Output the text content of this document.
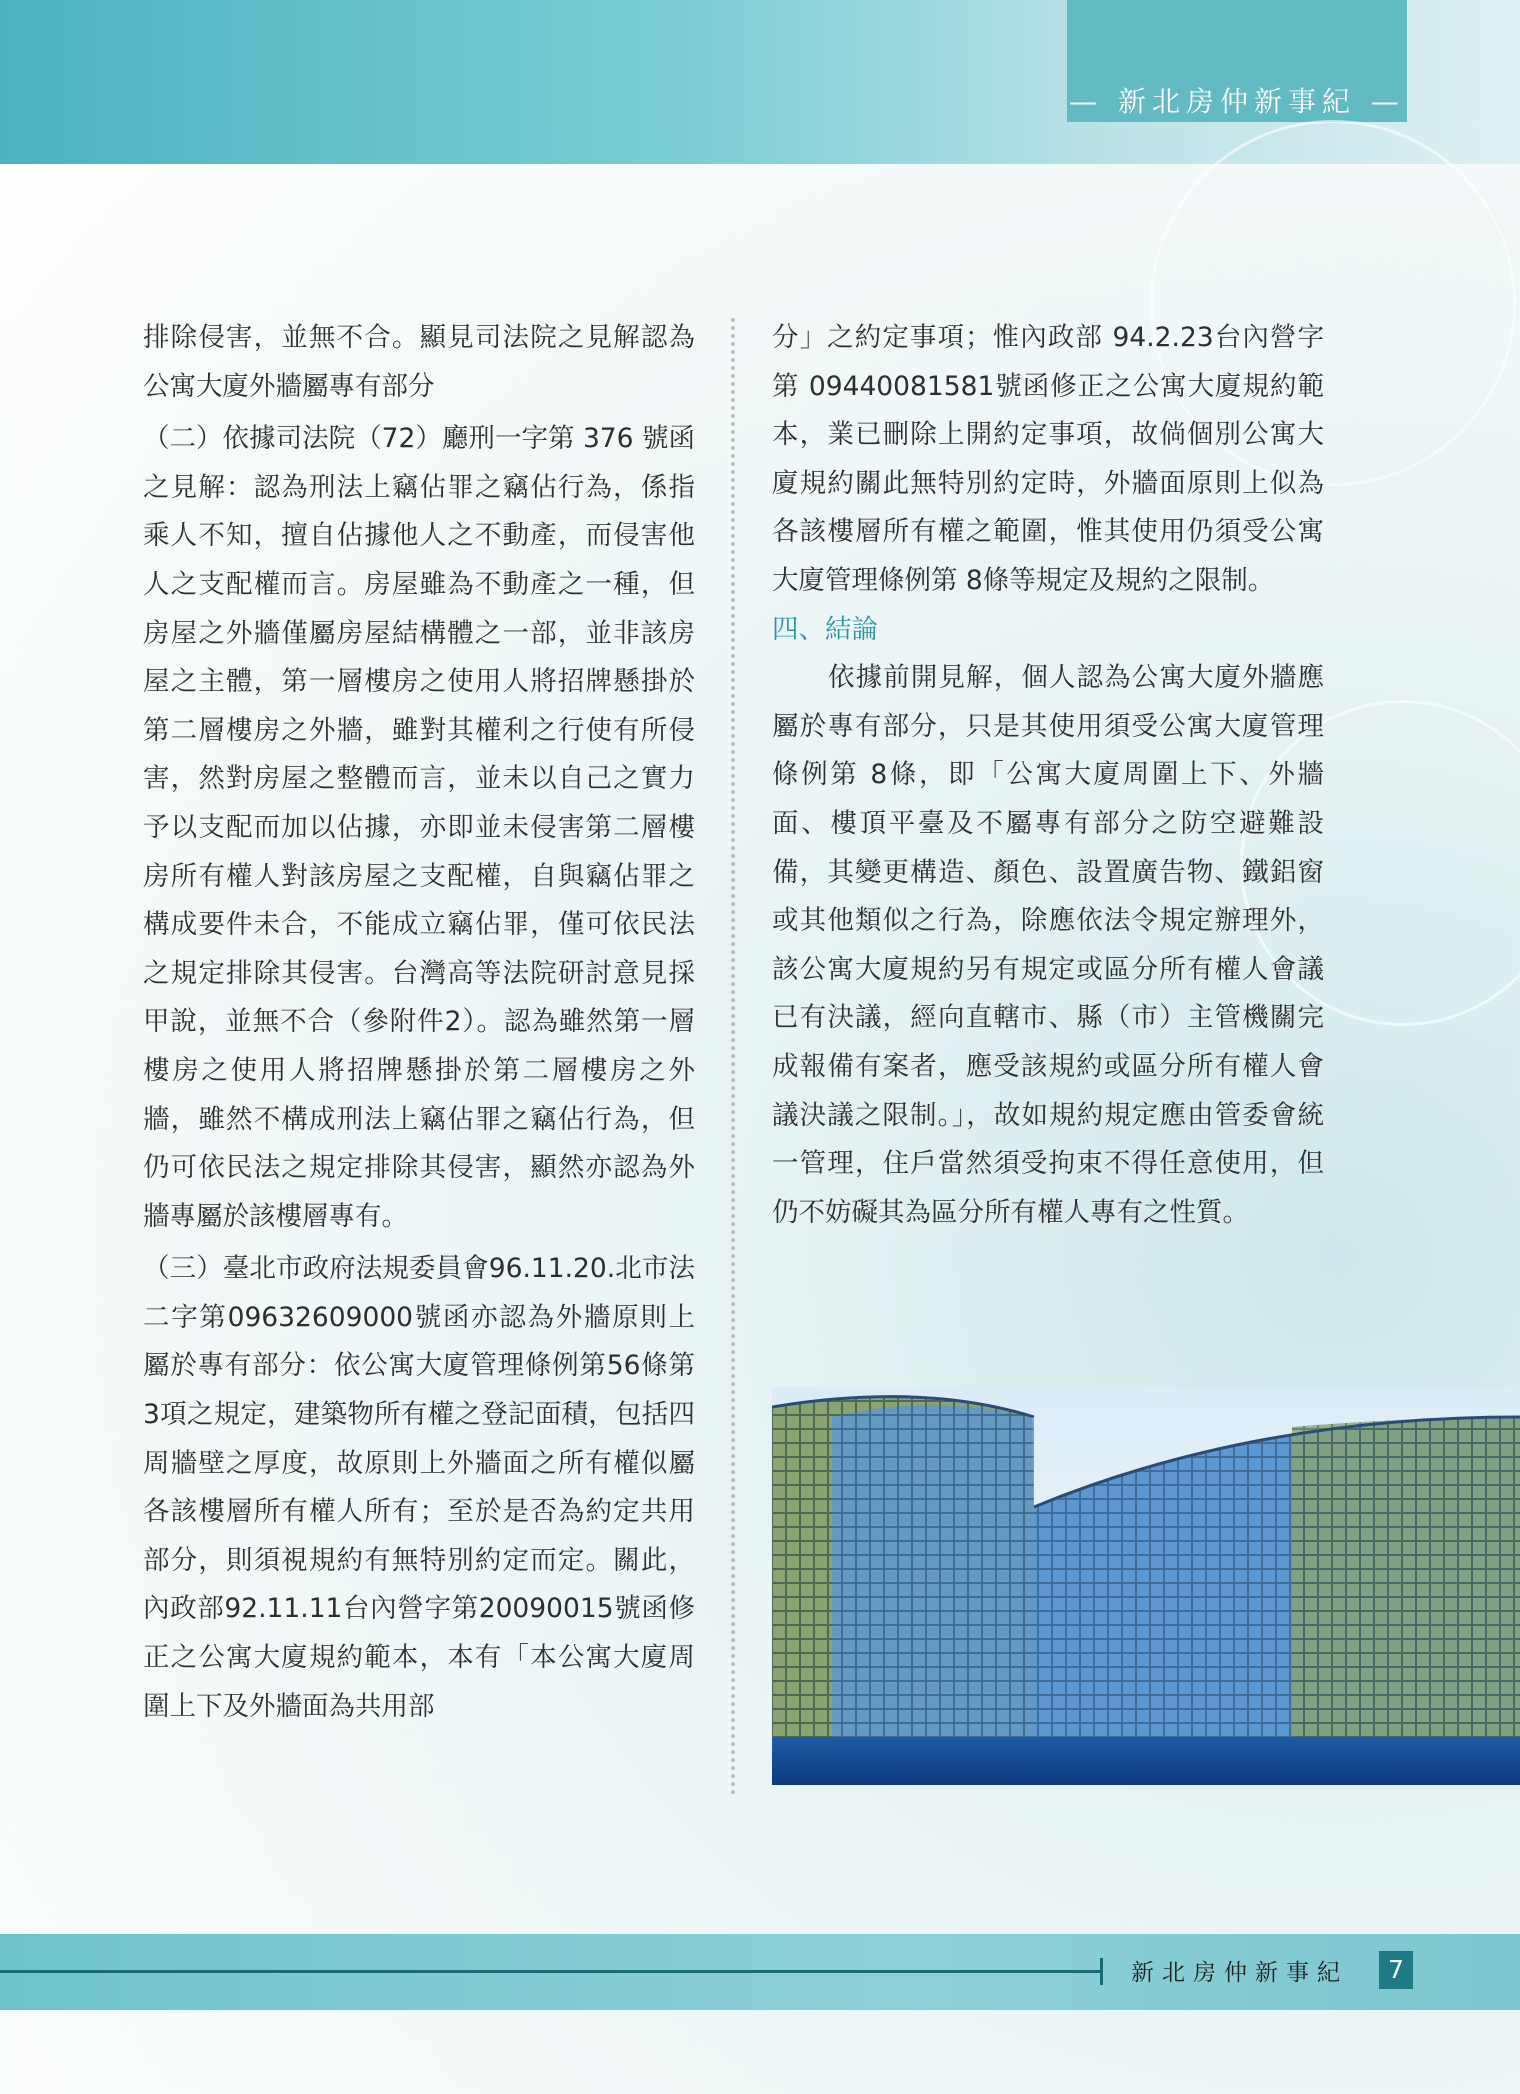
— 新北房仲新事紀 —

排除侵害，並無不合。顯見司法院之見解認為公寓大廈外牆屬專有部分

（二）依據司法院（72）廳刑一字第 376 號函之見解：認為刑法上竊佔罪之竊佔行為，係指乘人不知，擅自佔據他人之不動產，而侵害他人之支配權而言。房屋雖為不動產之一種，但房屋之外牆僅屬房屋結構體之一部，並非該房屋之主體，第一層樓房之使用人將招牌懸掛於第二層樓房之外牆，雖對其權利之行使有所侵害，然對房屋之整體而言，並未以自己之實力予以支配而加以佔據，亦即並未侵害第二層樓房所有權人對該房屋之支配權，自與竊佔罪之構成要件未合，不能成立竊佔罪，僅可依民法之規定排除其侵害。台灣高等法院研討意見採甲說，並無不合（參附件2）。認為雖然第一層樓房之使用人將招牌懸掛於第二層樓房之外牆，雖然不構成刑法上竊佔罪之竊佔行為，但仍可依民法之規定排除其侵害，顯然亦認為外牆專屬於該樓層專有。

（三）臺北市政府法規委員會96.11.20.北市法二字第09632609000號函亦認為外牆原則上屬於專有部分：依公寓大廈管理條例第56條第 3項之規定，建築物所有權之登記面積，包括四周牆壁之厚度，故原則上外牆面之所有權似屬各該樓層所有權人所有；至於是否為約定共用部分，則須視規約有無特別約定而定。關此，內政部92.11.11台內營字第20090015號函修正之公寓大廈規約範本，本有「本公寓大廈周圍上下及外牆面為共用部

分」之約定事項；惟內政部 94.2.23台內營字第 09440081581號函修正之公寓大廈規約範本，業已刪除上開約定事項，故倘個別公寓大廈規約關此無特別約定時，外牆面原則上似為各該樓層所有權之範圍，惟其使用仍須受公寓大廈管理條例第 8條等規定及規約之限制。

四、結論

依據前開見解，個人認為公寓大廈外牆應屬於專有部分，只是其使用須受公寓大廈管理條例第 8條，即「公寓大廈周圍上下、外牆面、樓頂平臺及不屬專有部分之防空避難設備，其變更構造、顏色、設置廣告物、鐵鋁窗或其他類似之行為，除應依法令規定辦理外，該公寓大廈規約另有規定或區分所有權人會議已有決議，經向直轄市、縣（市）主管機關完成報備有案者，應受該規約或區分所有權人會議決議之限制。」，故如規約規定應由管委會統一管理，住戶當然須受拘束不得任意使用，但仍不妨礙其為區分所有權人專有之性質。

新北房仲新事紀	7
